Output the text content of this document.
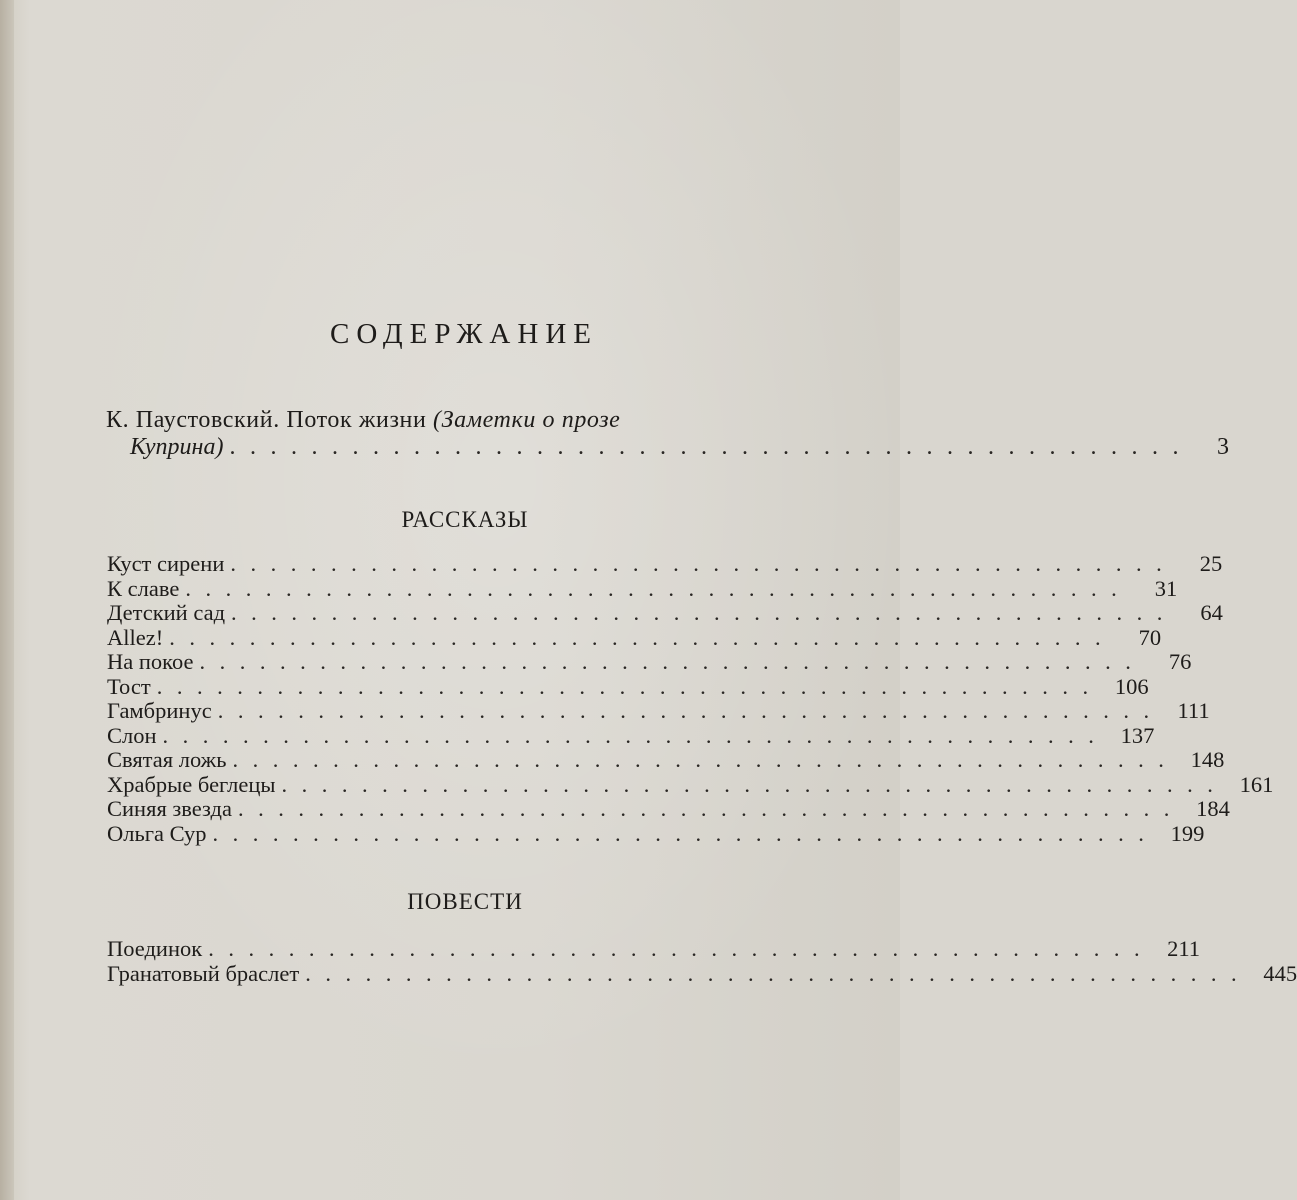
СОДЕРЖАНИЕ
К. Паустовский. Поток жизни (Заметки о прозе
Куприна) ...............................................	3
РАССКАЗЫ
Куст сирени ...............................................	25
К славе ...............................................	31
Детский сад ...............................................	64
Allez! ...............................................	70
На покое ...............................................	76
Тост ............................................... 106
Гамбринус ............................................... 111
Слон ............................................... 137
Святая ложь ............................................... 148
Храбрые беглецы ............................................... 161
Синяя звезда ............................................... 184
Ольга Сур ............................................... 199
ПОВЕСТИ
Поединок ............................................... 211
Гранатовый браслет ............................................... 445
